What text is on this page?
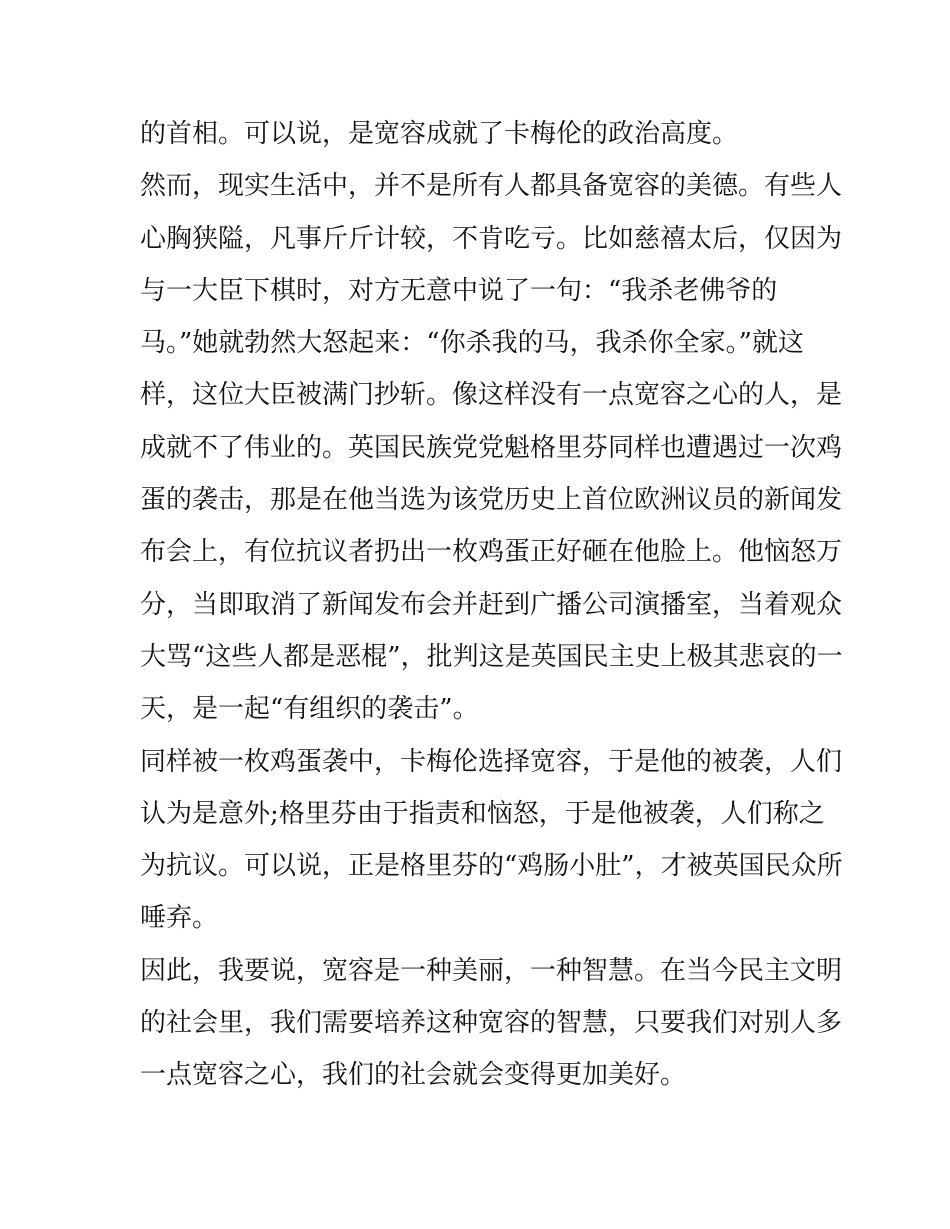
的首相。可以说，是宽容成就了卡梅伦的政治高度。
然而，现实生活中，并不是所有人都具备宽容的美德。有些人
心胸狭隘，凡事斤斤计较，不肯吃亏。比如慈禧太后，仅因为
与一大臣下棋时，对方无意中说了一句：“我杀老佛爷的
马。”她就勃然大怒起来：“你杀我的马，我杀你全家。”就这
样，这位大臣被满门抄斩。像这样没有一点宽容之心的人，是
成就不了伟业的。英国民族党党魁格里芬同样也遭遇过一次鸡
蛋的袭击，那是在他当选为该党历史上首位欧洲议员的新闻发
布会上，有位抗议者扔出一枚鸡蛋正好砸在他脸上。他恼怒万
分，当即取消了新闻发布会并赶到广播公司演播室，当着观众
大骂“这些人都是恶棍”，批判这是英国民主史上极其悲哀的一
天，是一起“有组织的袭击”。
同样被一枚鸡蛋袭中，卡梅伦选择宽容，于是他的被袭，人们
认为是意外;格里芬由于指责和恼怒，于是他被袭，人们称之
为抗议。可以说，正是格里芬的“鸡肠小肚”，才被英国民众所
唾弃。
因此，我要说，宽容是一种美丽，一种智慧。在当今民主文明
的社会里，我们需要培养这种宽容的智慧，只要我们对别人多
一点宽容之心，我们的社会就会变得更加美好。
